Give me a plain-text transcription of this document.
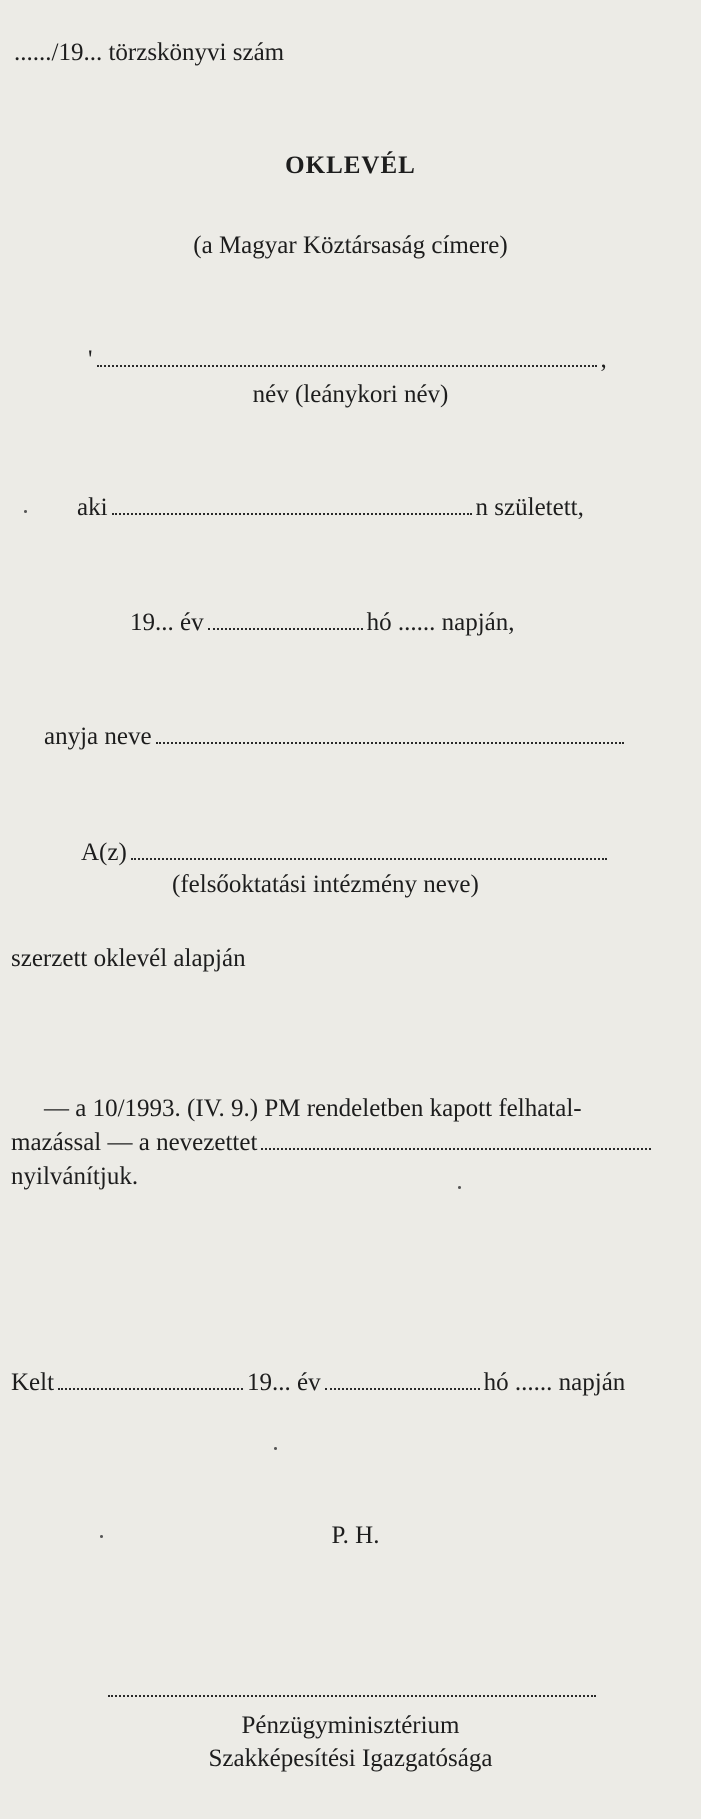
....../19... törzskönyvi szám
OKLEVÉL
(a Magyar Köztársaság címere)
'	,
név (leánykori név)
aki	n született,
19... év	hó ...... napján,
anyja neve
A(z)
(felsőoktatási intézmény neve)
szerzett oklevél alapján
— a 10/1993. (IV. 9.) PM rendeletben kapott felhatal-
mazással — a nevezettet
nyilvánítjuk.
Kelt	19... év	hó ...... napján
P. H.
Pénzügyminisztérium
Szakképesítési Igazgatósága
